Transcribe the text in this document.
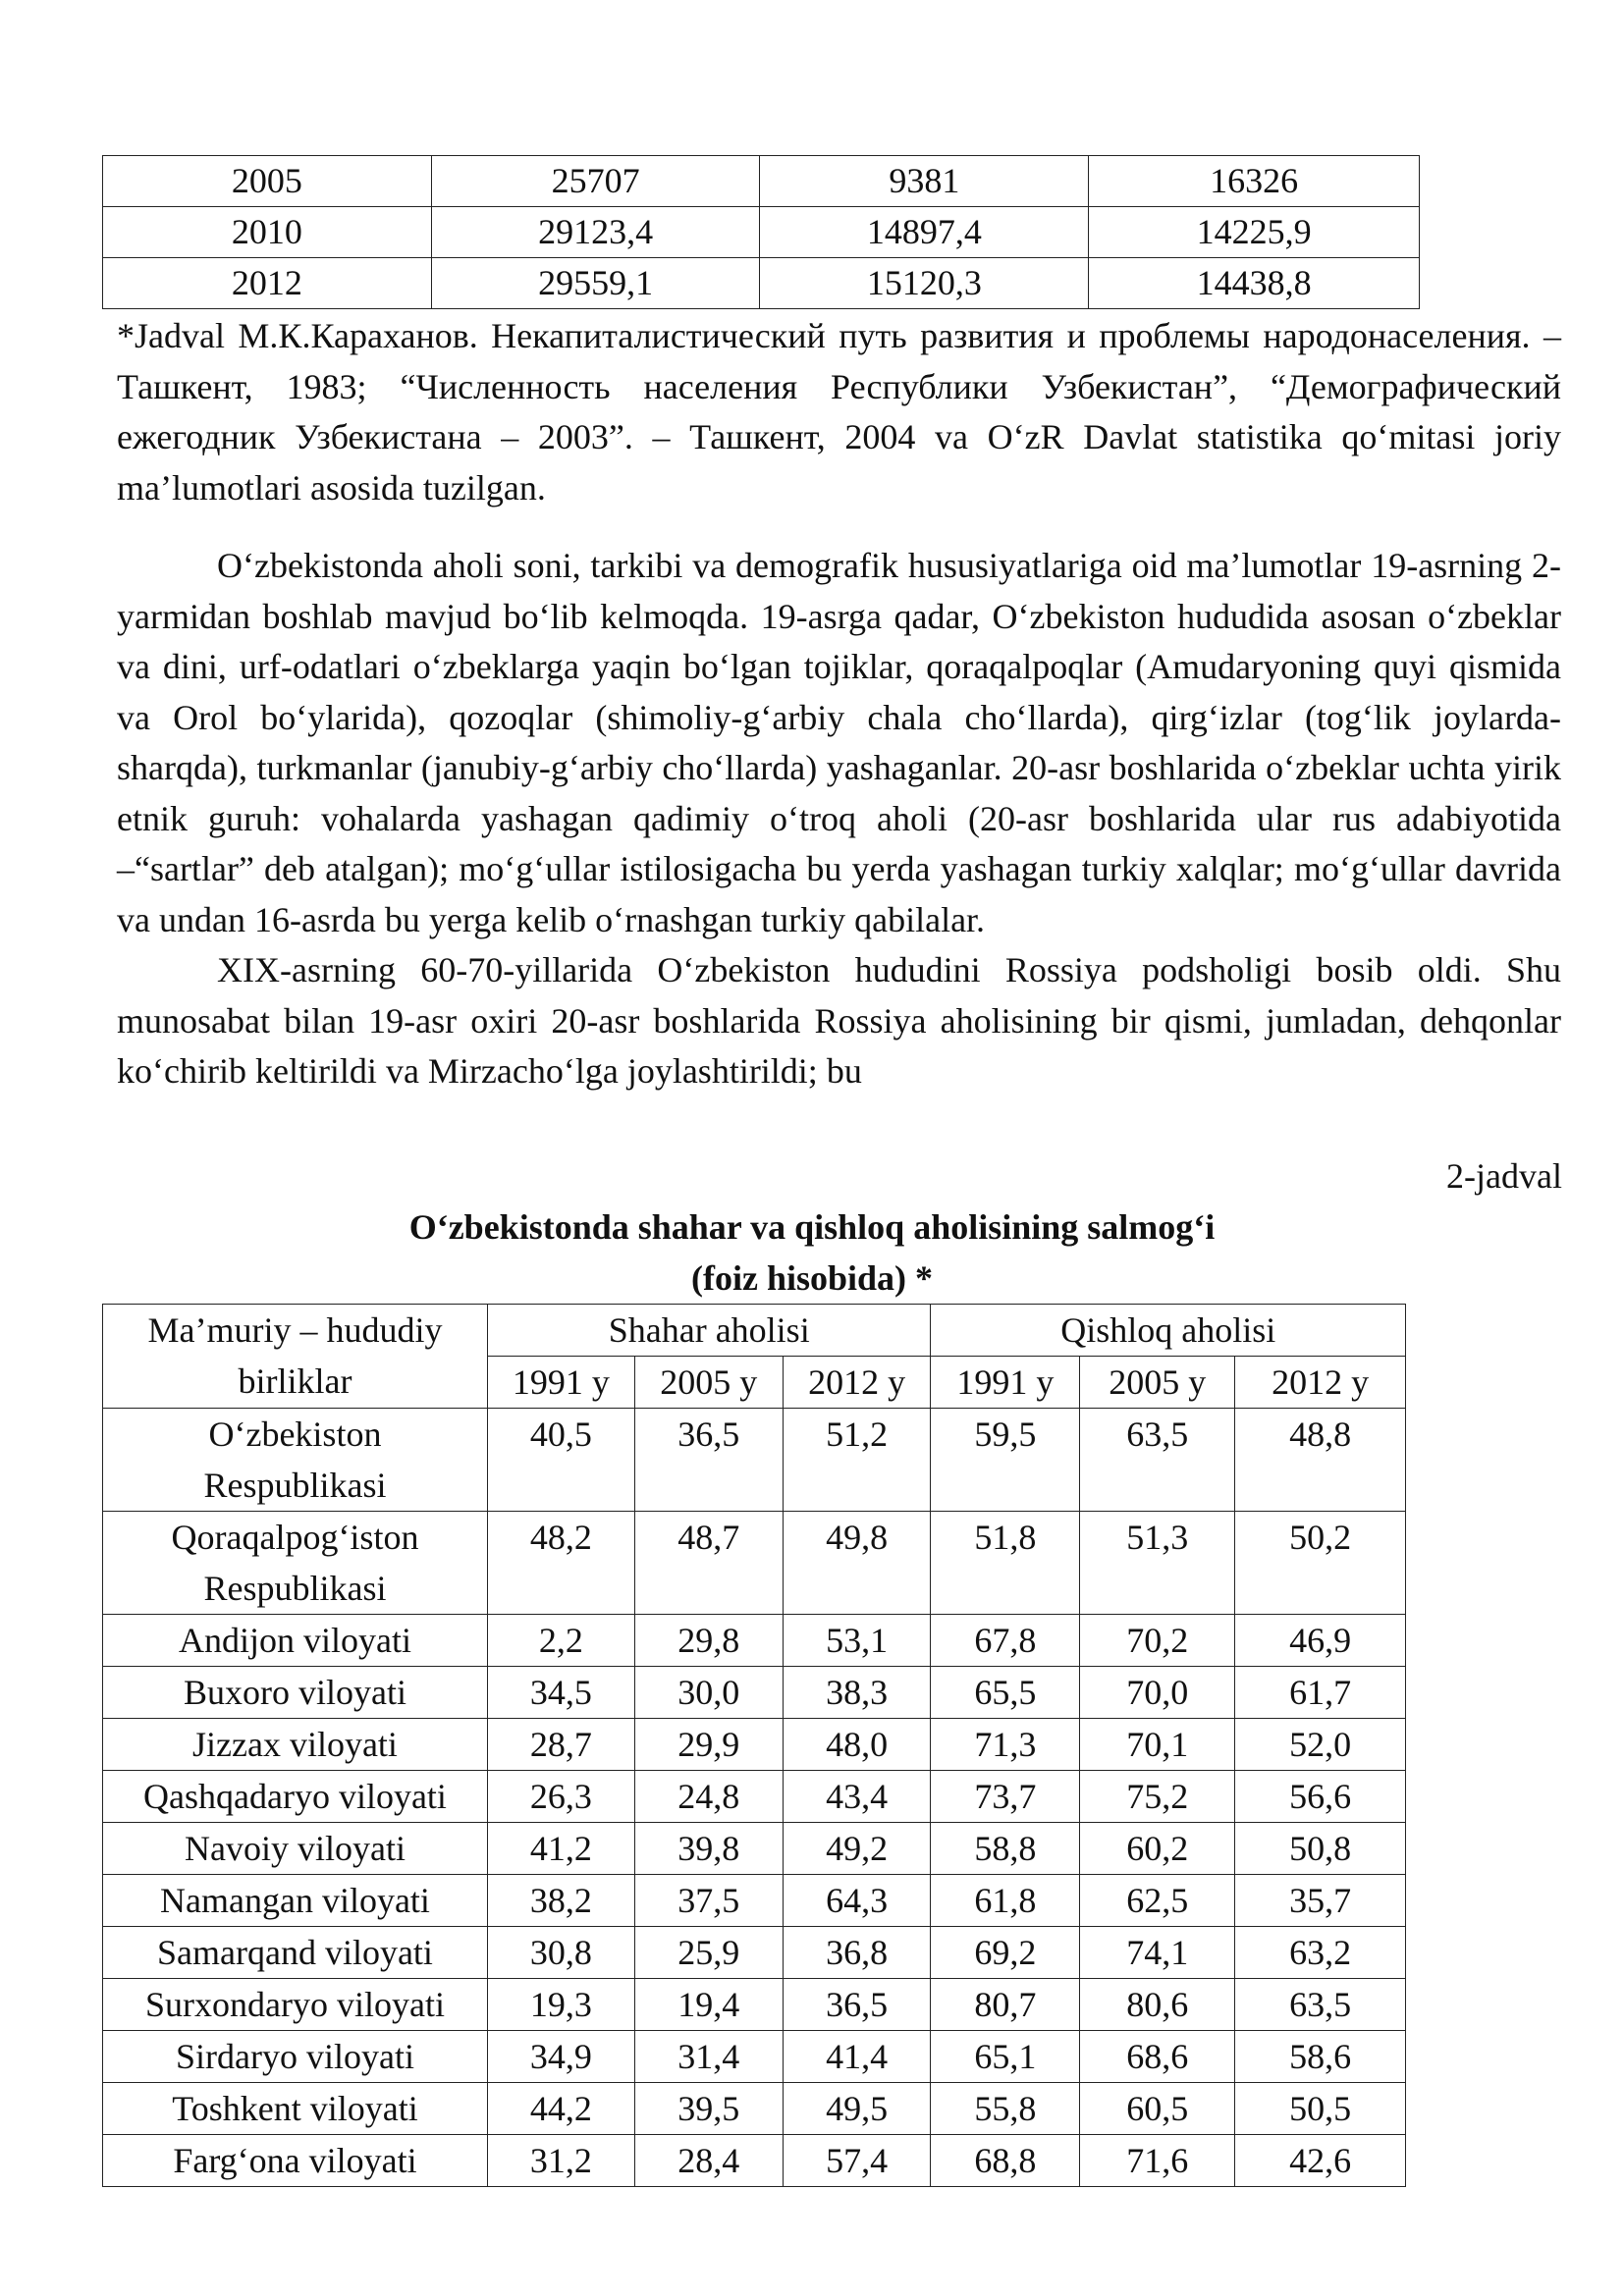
2005	25707	9381	16326
2010	29123,4	14897,4	14225,9
2012	29559,1	15120,3	14438,8

*Jadval М.К.Караханов. Некапиталистический путь развития и проблемы народонаселения. – Ташкент, 1983; “Численность населения Республики Узбекистан”, “Демографический ежегодник Узбекистана – 2003”. – Ташкент, 2004 va O‘zR Davlat statistika qo‘mitasi joriy ma’lumotlari asosida tuzilgan.

O‘zbekistonda aholi soni, tarkibi va demografik hususiyatlariga oid ma’lumotlar 19-asrning 2-yarmidan boshlab mavjud bo‘lib kelmoqda. 19-asrga qadar, O‘zbekiston hududida asosan o‘zbeklar va dini, urf-odatlari o‘zbeklarga yaqin bo‘lgan tojiklar, qoraqalpoqlar (Amudaryoning quyi qismida va Orol bo‘ylarida), qozoqlar (shimoliy-g‘arbiy chala cho‘llarda), qirg‘izlar (tog‘lik joylarda-sharqda), turkmanlar (janubiy-g‘arbiy cho‘llarda) yashaganlar. 20-asr boshlarida o‘zbeklar uchta yirik etnik guruh: vohalarda yashagan qadimiy o‘troq aholi (20-asr boshlarida ular rus adabiyotida –“sartlar” deb atalgan); mo‘g‘ullar istilosigacha bu yerda yashagan turkiy xalqlar; mo‘g‘ullar davrida va undan 16-asrda bu yerga kelib o‘rnashgan turkiy qabilalar.

XIX-asrning 60-70-yillarida O‘zbekiston hududini Rossiya podsholigi bosib oldi. Shu munosabat bilan 19-asr oxiri 20-asr boshlarida Rossiya aholisining bir qismi, jumladan, dehqonlar ko‘chirib keltirildi va Mirzacho‘lga joylashtirildi; bu

2-jadval
O‘zbekistonda shahar va qishloq aholisining salmog‘i
(foiz hisobida) *
Ma’muriy – hududiy birliklar	Shahar aholisi			Qishloq aholisi		
	1991 y	2005 y	2012 y	1991 y	2005 y	2012 y
O‘zbekiston Respublikasi	40,5	36,5	51,2	59,5	63,5	48,8
Qoraqalpog‘iston Respublikasi	48,2	48,7	49,8	51,8	51,3	50,2
Andijon viloyati	2,2	29,8	53,1	67,8	70,2	46,9
Buxoro viloyati	34,5	30,0	38,3	65,5	70,0	61,7
Jizzax viloyati	28,7	29,9	48,0	71,3	70,1	52,0
Qashqadaryo viloyati	26,3	24,8	43,4	73,7	75,2	56,6
Navoiy viloyati	41,2	39,8	49,2	58,8	60,2	50,8
Namangan viloyati	38,2	37,5	64,3	61,8	62,5	35,7
Samarqand viloyati	30,8	25,9	36,8	69,2	74,1	63,2
Surxondaryo viloyati	19,3	19,4	36,5	80,7	80,6	63,5
Sirdaryo viloyati	34,9	31,4	41,4	65,1	68,6	58,6
Toshkent viloyati	44,2	39,5	49,5	55,8	60,5	50,5
Farg‘ona viloyati	31,2	28,4	57,4	68,8	71,6	42,6
